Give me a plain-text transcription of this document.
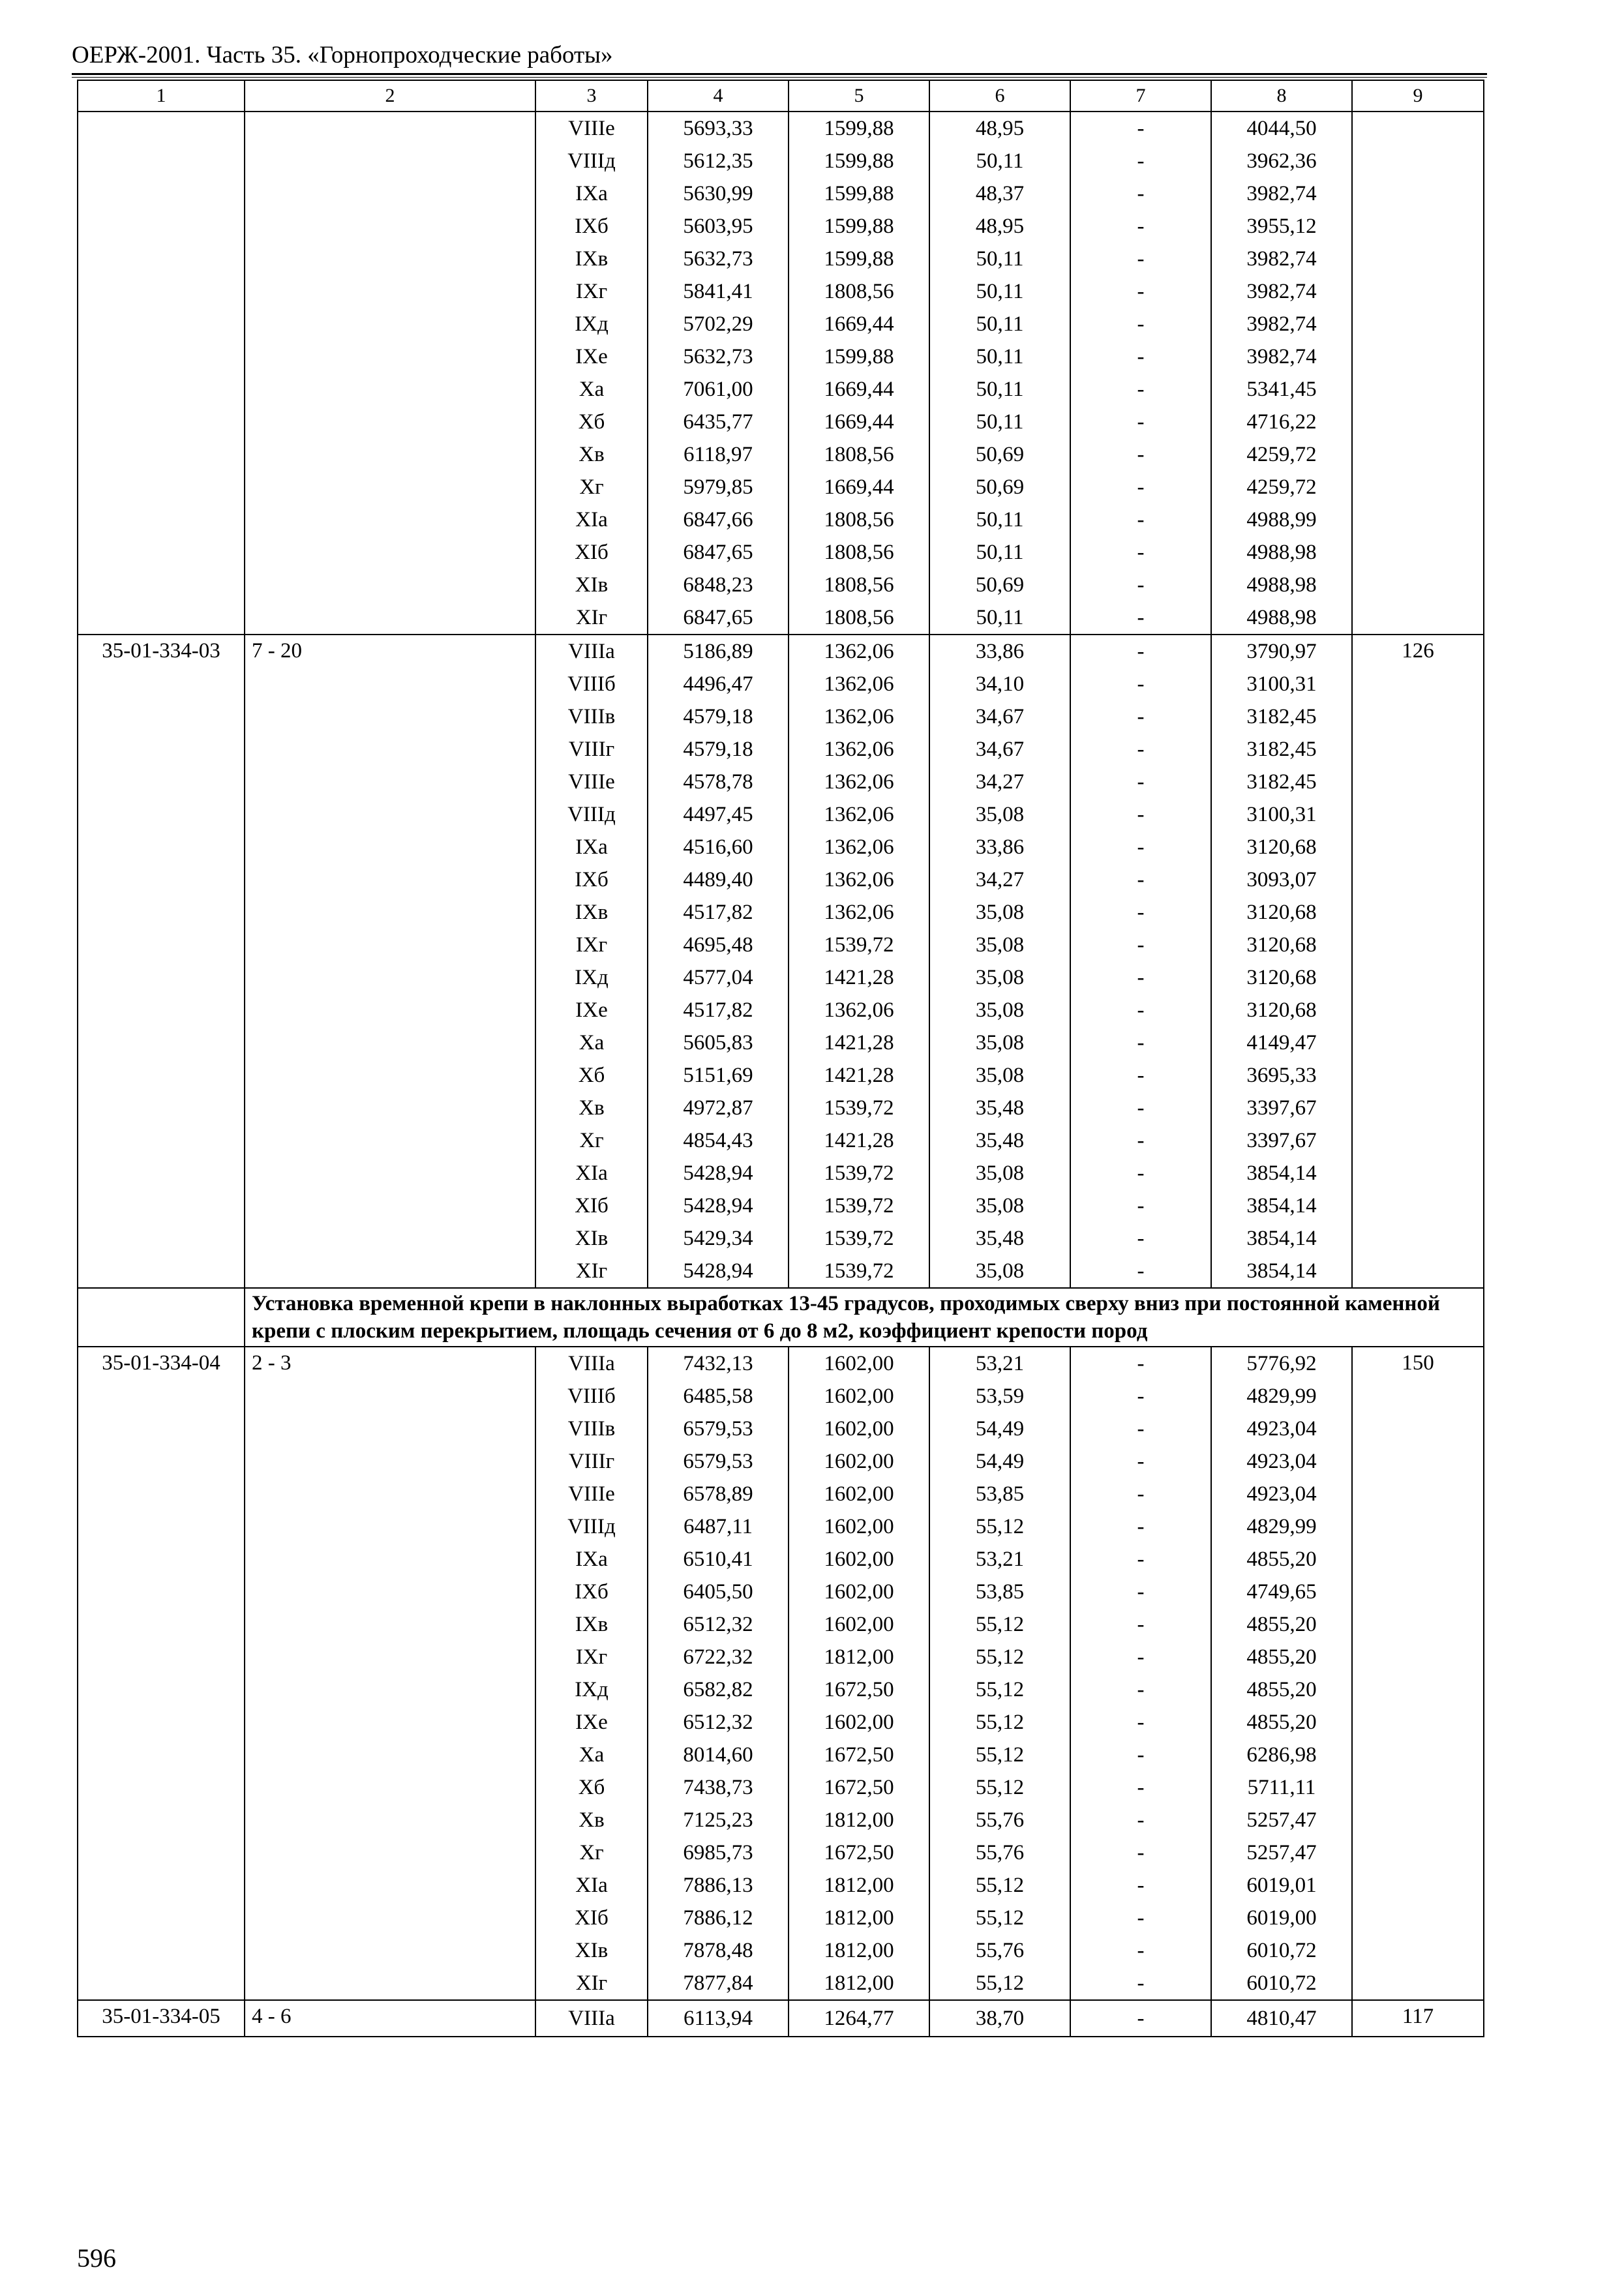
ОЕРЖ-2001. Часть 35. «Горнопроходческие работы»
1	2	3	4	5	6	7	8	9
		VIIIе	5693,33	1599,88	48,95	-	4044,50	
		VIIIд	5612,35	1599,88	50,11	-	3962,36	
		IXа	5630,99	1599,88	48,37	-	3982,74	
		IXб	5603,95	1599,88	48,95	-	3955,12	
		IXв	5632,73	1599,88	50,11	-	3982,74	
		IXг	5841,41	1808,56	50,11	-	3982,74	
		IXд	5702,29	1669,44	50,11	-	3982,74	
		IXе	5632,73	1599,88	50,11	-	3982,74	
		Xа	7061,00	1669,44	50,11	-	5341,45	
		Xб	6435,77	1669,44	50,11	-	4716,22	
		Xв	6118,97	1808,56	50,69	-	4259,72	
		Xг	5979,85	1669,44	50,69	-	4259,72	
		XIа	6847,66	1808,56	50,11	-	4988,99	
		XIб	6847,65	1808,56	50,11	-	4988,98	
		XIв	6848,23	1808,56	50,69	-	4988,98	
		XIг	6847,65	1808,56	50,11	-	4988,98	
35-01-334-03	7 - 20	VIIIа	5186,89	1362,06	33,86	-	3790,97	126
		VIIIб	4496,47	1362,06	34,10	-	3100,31	
		VIIIв	4579,18	1362,06	34,67	-	3182,45	
		VIIIг	4579,18	1362,06	34,67	-	3182,45	
		VIIIе	4578,78	1362,06	34,27	-	3182,45	
		VIIIд	4497,45	1362,06	35,08	-	3100,31	
		IXа	4516,60	1362,06	33,86	-	3120,68	
		IXб	4489,40	1362,06	34,27	-	3093,07	
		IXв	4517,82	1362,06	35,08	-	3120,68	
		IXг	4695,48	1539,72	35,08	-	3120,68	
		IXд	4577,04	1421,28	35,08	-	3120,68	
		IXе	4517,82	1362,06	35,08	-	3120,68	
		Xа	5605,83	1421,28	35,08	-	4149,47	
		Xб	5151,69	1421,28	35,08	-	3695,33	
		Xв	4972,87	1539,72	35,48	-	3397,67	
		Xг	4854,43	1421,28	35,48	-	3397,67	
		XIа	5428,94	1539,72	35,08	-	3854,14	
		XIб	5428,94	1539,72	35,08	-	3854,14	
		XIв	5429,34	1539,72	35,48	-	3854,14	
		XIг	5428,94	1539,72	35,08	-	3854,14	
	Установка временной крепи в наклонных выработках 13-45 градусов, проходимых сверху вниз при постоянной каменной крепи с плоским перекрытием, площадь сечения от 6 до 8 м2, коэффициент крепости пород							
35-01-334-04	2 - 3	VIIIа	7432,13	1602,00	53,21	-	5776,92	150
		VIIIб	6485,58	1602,00	53,59	-	4829,99	
		VIIIв	6579,53	1602,00	54,49	-	4923,04	
		VIIIг	6579,53	1602,00	54,49	-	4923,04	
		VIIIе	6578,89	1602,00	53,85	-	4923,04	
		VIIIд	6487,11	1602,00	55,12	-	4829,99	
		IXа	6510,41	1602,00	53,21	-	4855,20	
		IXб	6405,50	1602,00	53,85	-	4749,65	
		IXв	6512,32	1602,00	55,12	-	4855,20	
		IXг	6722,32	1812,00	55,12	-	4855,20	
		IXд	6582,82	1672,50	55,12	-	4855,20	
		IXе	6512,32	1602,00	55,12	-	4855,20	
		Xа	8014,60	1672,50	55,12	-	6286,98	
		Xб	7438,73	1672,50	55,12	-	5711,11	
		Xв	7125,23	1812,00	55,76	-	5257,47	
		Xг	6985,73	1672,50	55,76	-	5257,47	
		XIа	7886,13	1812,00	55,12	-	6019,01	
		XIб	7886,12	1812,00	55,12	-	6019,00	
		XIв	7878,48	1812,00	55,76	-	6010,72	
		XIг	7877,84	1812,00	55,12	-	6010,72	
35-01-334-05	4 - 6	VIIIа	6113,94	1264,77	38,70	-	4810,47	117
596
